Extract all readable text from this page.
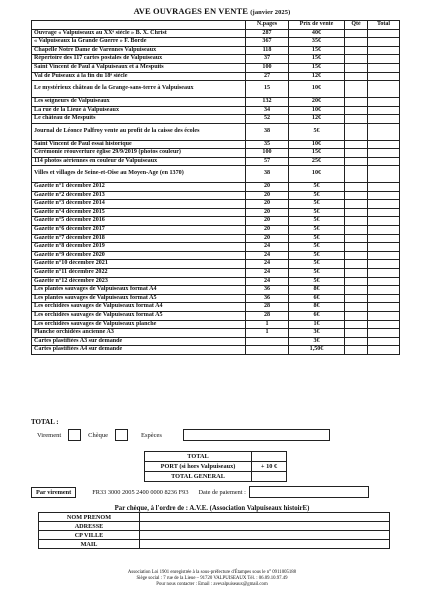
AVE OUVRAGES EN VENTE (janvier 2025)
	N.pages	Prix de vente	Qté	Total
Ouvrage « Valpuiseaux au XXᵉ siècle » B. X. Christ	287	40€		
« Valpuiseaux la Grande Guerre » F. Borde	367	35€		
Chapelle Notre Dame de Varennes Valpuiseaux	118	15€		
Répertoire des 117 cartes postales de Valpuiseaux	37	15€		
Saint Vincent de Paul à Valpuiseaux et à Mespuits	100	15€		
Val de Puiseaux à la fin du 18ᵉ siècle	27	12€		
Le mystérieux château de la Grange-sans-terre à Valpuiseaux	15	10€		
Les seigneurs de Valpuiseaux	132	20€		
La rue de la Lieue à Valpuiseaux	34	10€		
Le château de Mespuits	52	12€		
Journal de Léonce Palfroy vente au profit de la caisse des écoles	38	5€		
Saint Vincent de Paul essai historique	35	10€		
Cérémonie réouverture église 29/9/2019 (photos couleur)	100	15€		
114 photos aériennes en couleur de Valpuiseaux	57	25€		
Villes et villages de Seine-et-Oise au Moyen-Age (en 1370)	38	10€		
Gazette n°1 décembre 2012	20	5€		
Gazette n°2 décembre 2013	20	5€		
Gazette n°3 décembre 2014	20	5€		
Gazette n°4 décembre 2015	20	5€		
Gazette n°5 décembre 2016	20	5€		
Gazette n°6 décembre 2017	20	5€		
Gazette n°7 décembre 2018	20	5€		
Gazette n°8 décembre 2019	24	5€		
Gazette n°9 décembre 2020	24	5€		
Gazette n°10 décembre 2021	24	5€		
Gazette n°11 décembre 2022	24	5€		
Gazette n°12 décembre 2023	24	5€		
Les plantes sauvages de Valpuiseaux format A4	36	8€		
Les plantes sauvages de Valpuiseaux format A5	36	6€		
Les orchidées sauvages de Valpuiseaux format A4	28	8€		
Les orchidées sauvages de Valpuiseaux format A5	28	6€		
Les orchidées sauvages de Valpuiseaux planche	1	1€		
Planche orchidées ancienne A3	1	3€		
Cartes plastifiées A3 sur demande		3€		
Cartes plastifiées A4 sur demande		1,50€		
TOTAL :
Virement	Chèque	Espèces
TOTAL	
PORT (si hors Valpuiseaux)	+ 10 €
TOTAL GENERAL	
Par virement	FR33 3000 2005 2400 0000 8236 F93 Date de paiement :
Par chèque, à l'ordre de : A.V.E. (Association Valpuiseaux histoirE)
NOM PRENOM	
ADRESSE	
CP VILLE	
MAIL	
Association Loi 1901 enregistrée à la sous-préfecture d'Étampes sous le n° 0911005188
Siège social : 7 rue de la Lieue – 91720 VALPUISEAUX Tél. : 06.09.10.97.49
Pour nous contacter : Email : avevalpuiseaux@gmail.com
